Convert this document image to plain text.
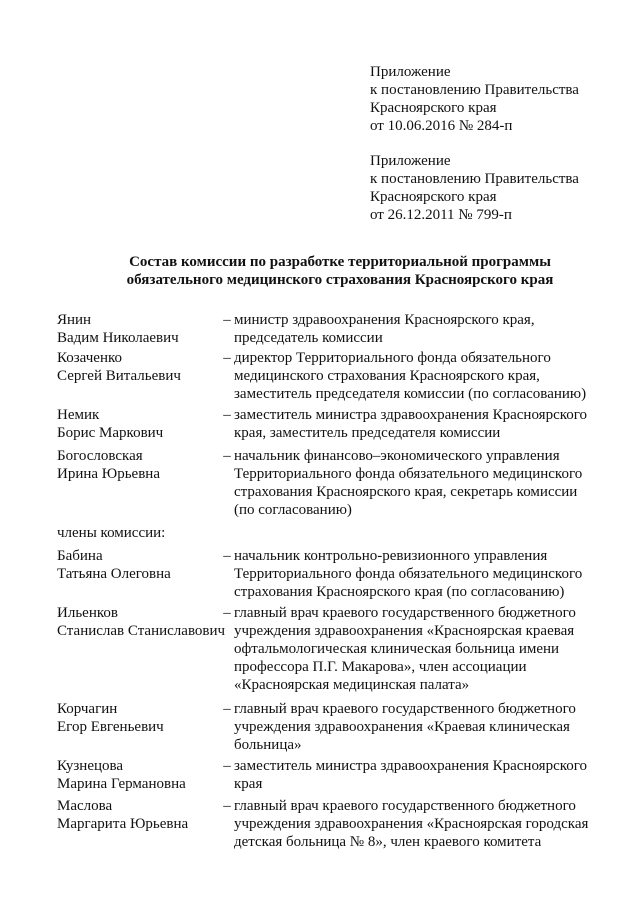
Приложение
к постановлению Правительства
Красноярского края
от 10.06.2016 № 284-п
Приложение
к постановлению Правительства
Красноярского края
от 26.12.2011 № 799-п
Состав комиссии по разработке территориальной программы
обязательного медицинского страхования Красноярского края
Янин
Вадим Николаевич
– министр здравоохранения Красноярского края,
председатель комиссии
Козаченко
Сергей Витальевич
– директор Территориального фонда обязательного
медицинского страхования Красноярского края,
заместитель председателя комиссии (по согласованию)
Немик
Борис Маркович
– заместитель министра здравоохранения Красноярского
края, заместитель председателя комиссии
Богословская
Ирина Юрьевна
– начальник финансово–экономического управления
Территориального фонда обязательного медицинского
страхования Красноярского края, секретарь комиссии
(по согласованию)
члены комиссии:
Бабина
Татьяна Олеговна
– начальник контрольно-ревизионного управления
Территориального фонда обязательного медицинского
страхования Красноярского края (по согласованию)
Ильенков
Станислав Станиславович
– главный врач краевого государственного бюджетного
учреждения здравоохранения «Красноярская краевая
офтальмологическая клиническая больница имени
профессора П.Г. Макарова», член ассоциации
«Красноярская медицинская палата»
Корчагин
Егор Евгеньевич
– главный врач краевого государственного бюджетного
учреждения здравоохранения «Краевая клиническая
больница»
Кузнецова
Марина Германовна
– заместитель министра здравоохранения Красноярского
края
Маслова
Маргарита Юрьевна
– главный врач краевого государственного бюджетного
учреждения здравоохранения «Красноярская городская
детская больница № 8», член краевого комитета
